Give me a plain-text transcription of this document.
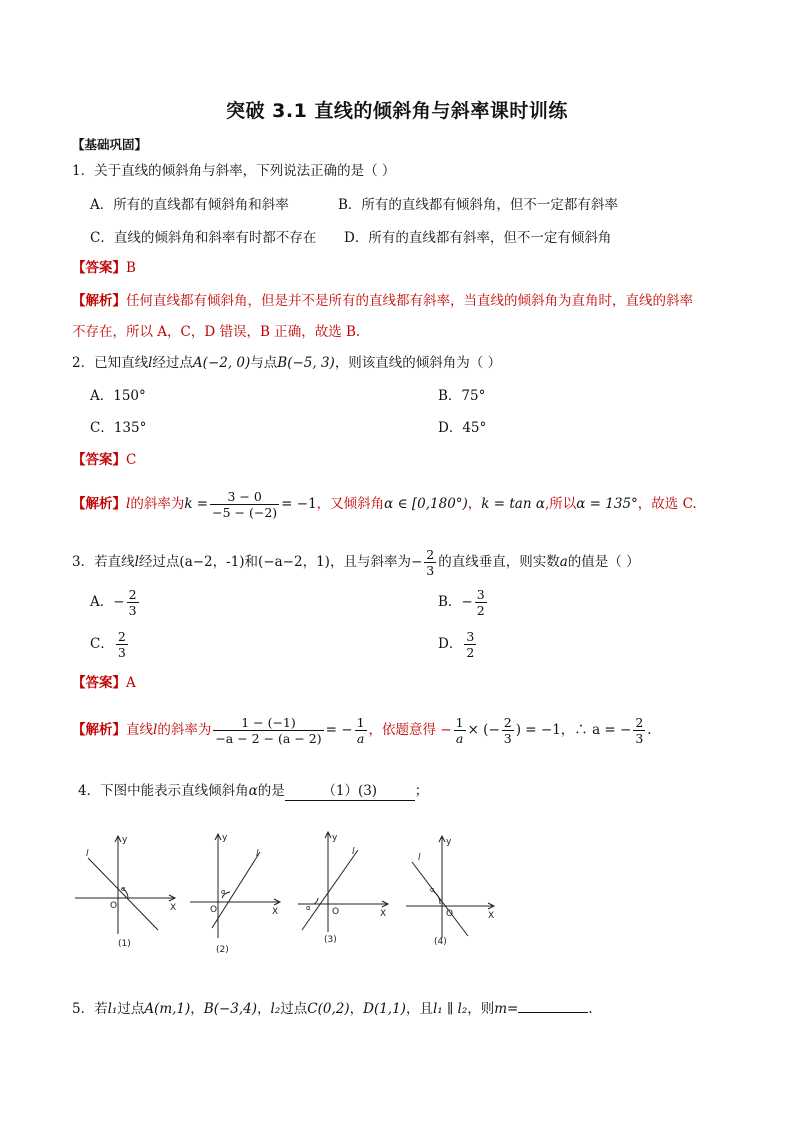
突破 3.1 直线的倾斜角与斜率课时训练
【基础巩固】
1．关于直线的倾斜角与斜率，下列说法正确的是（ ）
A．所有的直线都有倾斜角和斜率	B．所有的直线都有倾斜角，但不一定都有斜率
C．直线的倾斜角和斜率有时都不存在 D．所有的直线都有斜率，但不一定有倾斜角
【答案】B
【解析】任何直线都有倾斜角，但是并不是所有的直线都有斜率，当直线的倾斜角为直角时，直线的斜率
不存在，所以 A，C，D 错误，B 正确，故选 B.
2．已知直线l经过点A(−2, 0)与点B(−5, 3)，则该直线的倾斜角为（ ）
A．150°	B．75°
C．135°	D．45°
【答案】C
【解析】l的斜率为$k = \frac{3 - 0}{-5 - (-2)} = -1$，又倾斜角α ∈ [0,180°)，k = tan α,所以α = 135°，故选 C.
3．若直线l经过点(a−2，-1)和(−a−2，1)，且与斜率为− $\frac{2}{3}$ 的直线垂直，则实数a的值是（ ）
A．− $\frac{2}{3}$	B．− $\frac{3}{2}$
C． $\frac{2}{3}$	D． $\frac{3}{2}$
【答案】A
【解析】直线l的斜率为 $\frac{1 - (-1)}{-a - 2 - (a - 2)}$ = − $\frac{1}{a}$ ，依题意得 − $\frac{1}{a}$ × (− $\frac{2}{3}$ ) = −1，∴ a = − $\frac{2}{3}$ .
4．下图中能表示直线倾斜角α的是	（1）(3)	；
l
y
X
O
α
(1)
l
y
X
O
α
(2)
l
y
X
O
α
(3)
l
y
X
O
α
(4)
5．若l₁过点A(m,1)，B(−3,4)，l₂过点C(0,2)，D(1,1)，且l₁ ∥ l₂，则m=	.
